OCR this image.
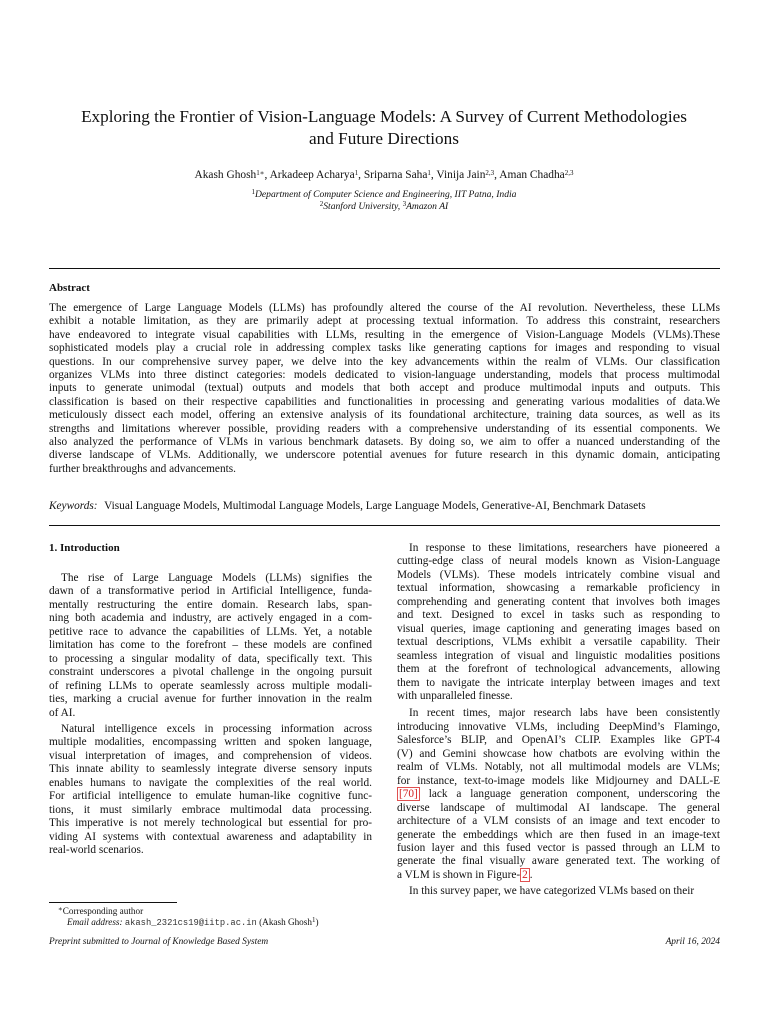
Exploring the Frontier of Vision-Language Models: A Survey of Current Methodologies
and Future Directions
Akash Ghosh$^{1∗}$, Arkadeep Acharya$^1$, Sriparna Saha$^1$, Vinija Jain$^{2,3}$, Aman Chadha$^{2,3}$
$^1$Department of Computer Science and Engineering, IIT Patna, India
$^2$Stanford University, $^3$Amazon AI
Abstract
The emergence of Large Language Models (LLMs) has profoundly altered the course of the AI revolution. Nevertheless, these LLMs
exhibit a notable limitation, as they are primarily adept at processing textual information. To address this constraint, researchers
have endeavored to integrate visual capabilities with LLMs, resulting in the emergence of Vision-Language Models (VLMs).These
sophisticated models play a crucial role in addressing complex tasks like generating captions for images and responding to visual
questions. In our comprehensive survey paper, we delve into the key advancements within the realm of VLMs. Our classification
organizes VLMs into three distinct categories: models dedicated to vision-language understanding, models that process multimodal
inputs to generate unimodal (textual) outputs and models that both accept and produce multimodal inputs and outputs. This
classification is based on their respective capabilities and functionalities in processing and generating various modalities of data.We
meticulously dissect each model, offering an extensive analysis of its foundational architecture, training data sources, as well as its
strengths and limitations wherever possible, providing readers with a comprehensive understanding of its essential components. We
also analyzed the performance of VLMs in various benchmark datasets. By doing so, we aim to offer a nuanced understanding of the
diverse landscape of VLMs. Additionally, we underscore potential avenues for future research in this dynamic domain, anticipating
further breakthroughs and advancements.
Keywords: Visual Language Models, Multimodal Language Models, Large Language Models, Generative-AI, Benchmark Datasets
1. Introduction
The rise of Large Language Models (LLMs) signifies the
dawn of a transformative period in Artificial Intelligence, funda-
mentally restructuring the entire domain. Research labs, span-
ning both academia and industry, are actively engaged in a com-
petitive race to advance the capabilities of LLMs. Yet, a notable
limitation has come to the forefront – these models are confined
to processing a singular modality of data, specifically text. This
constraint underscores a pivotal challenge in the ongoing pursuit
of refining LLMs to operate seamlessly across multiple modali-
ties, marking a crucial avenue for further innovation in the realm
of AI.
Natural intelligence excels in processing information across
multiple modalities, encompassing written and spoken language,
visual interpretation of images, and comprehension of videos.
This innate ability to seamlessly integrate diverse sensory inputs
enables humans to navigate the complexities of the real world.
For artificial intelligence to emulate human-like cognitive func-
tions, it must similarly embrace multimodal data processing.
This imperative is not merely technological but essential for pro-
viding AI systems with contextual awareness and adaptability in
real-world scenarios.
In response to these limitations, researchers have pioneered a
cutting-edge class of neural models known as Vision-Language
Models (VLMs). These models intricately combine visual and
textual information, showcasing a remarkable proficiency in
comprehending and generating content that involves both images
and text. Designed to excel in tasks such as responding to
visual queries, image captioning and generating images based on
textual descriptions, VLMs exhibit a versatile capability. Their
seamless integration of visual and linguistic modalities positions
them at the forefront of technological advancements, allowing
them to navigate the intricate interplay between images and text
with unparalleled finesse.
In recent times, major research labs have been consistently
introducing innovative VLMs, including DeepMind’s Flamingo,
Salesforce’s BLIP, and OpenAI’s CLIP. Examples like GPT-4
(V) and Gemini showcase how chatbots are evolving within the
realm of VLMs. Notably, not all multimodal models are VLMs;
for instance, text-to-image models like Midjourney and DALL-E
[70] lack a language generation component, underscoring the
diverse landscape of multimodal AI landscape. The general
architecture of a VLM consists of an image and text encoder to
generate the embeddings which are then fused in an image-text
fusion layer and this fused vector is passed through an LLM to
generate the final visually aware generated text. The working of
a VLM is shown in Figure- 2 .
In this survey paper, we have categorized VLMs based on their
∗Corresponding author
Email address: akash_2321cs19@iitp.ac.in (Akash Ghosh$^1$)
Preprint submitted to Journal of Knowledge Based System	April 16, 2024
